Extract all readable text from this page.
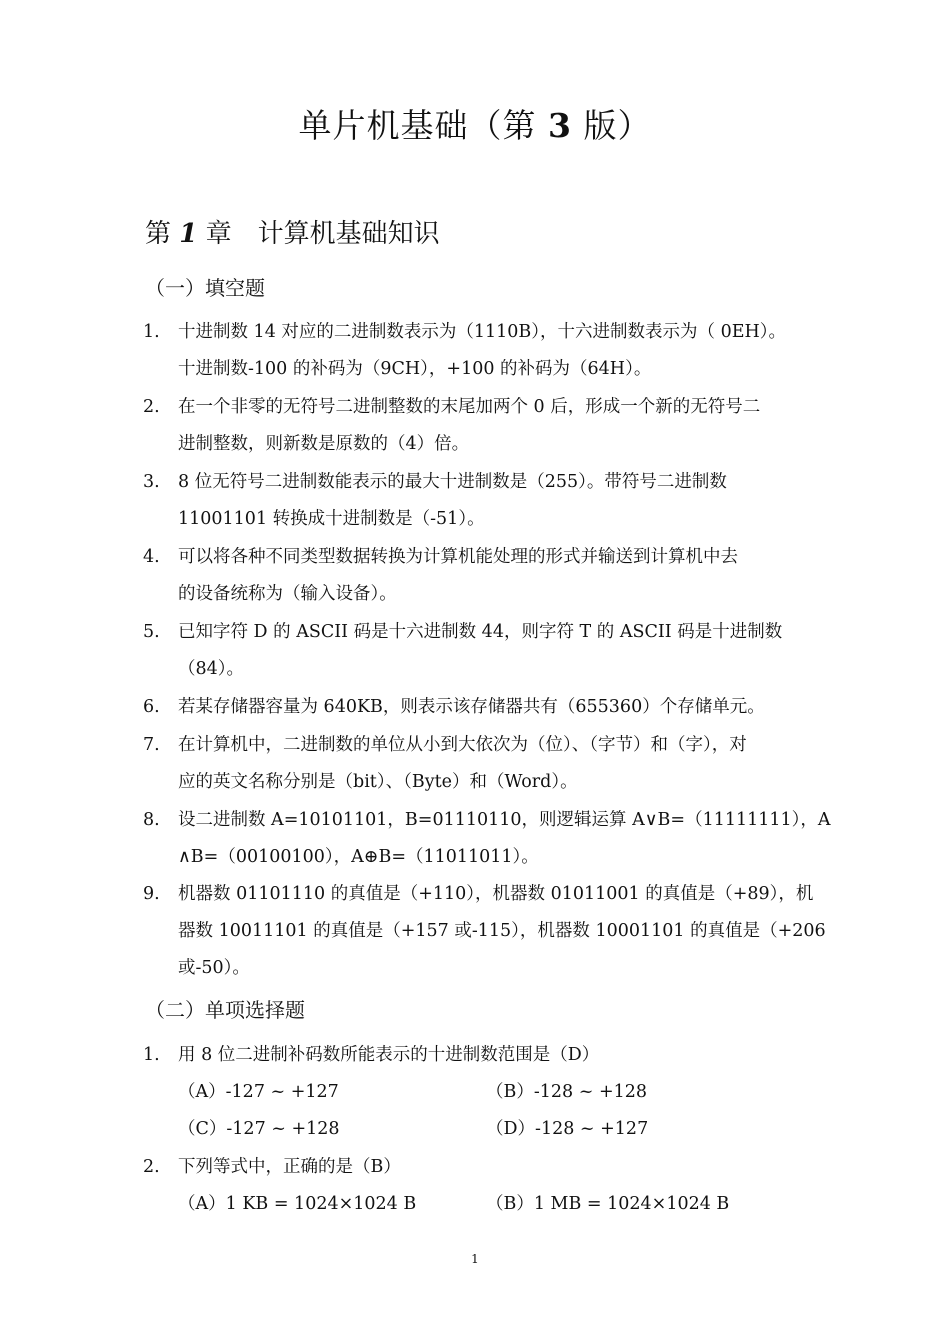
单片机基础（第 3 版）
第 1 章 计算机基础知识
（一）填空题
1. 十进制数 14 对应的二进制数表示为（1110B），十六进制数表示为（ 0EH）。
十进制数-100 的补码为（9CH），+100 的补码为（64H）。
2. 在一个非零的无符号二进制整数的末尾加两个 0 后，形成一个新的无符号二
进制整数，则新数是原数的（4）倍。
3. 8 位无符号二进制数能表示的最大十进制数是（255）。带符号二进制数
11001101 转换成十进制数是（-51）。
4. 可以将各种不同类型数据转换为计算机能处理的形式并输送到计算机中去
的设备统称为（输入设备）。
5. 已知字符 D 的 ASCII 码是十六进制数 44，则字符 T 的 ASCII 码是十进制数
（84）。
6. 若某存储器容量为 640KB，则表示该存储器共有（655360）个存储单元。
7. 在计算机中，二进制数的单位从小到大依次为（位）、（字节）和（字），对
应的英文名称分别是（bit）、（Byte）和（Word）。
8. 设二进制数 A=10101101，B=01110110，则逻辑运算 A∨B=（11111111），A
∧B=（00100100），A⊕B=（11011011）。
9. 机器数 01101110 的真值是（+110），机器数 01011001 的真值是（+89），机
器数 10011101 的真值是（+157 或-115），机器数 10001101 的真值是（+206
或-50）。
（二）单项选择题
1. 用 8 位二进制补码数所能表示的十进制数范围是（D）
（A）-127 ~ +127	（B）-128 ~ +128
（C）-127 ~ +128	（D）-128 ~ +127
2. 下列等式中，正确的是（B）
（A）1 KB = 1024×1024 B	（B）1 MB = 1024×1024 B
1
